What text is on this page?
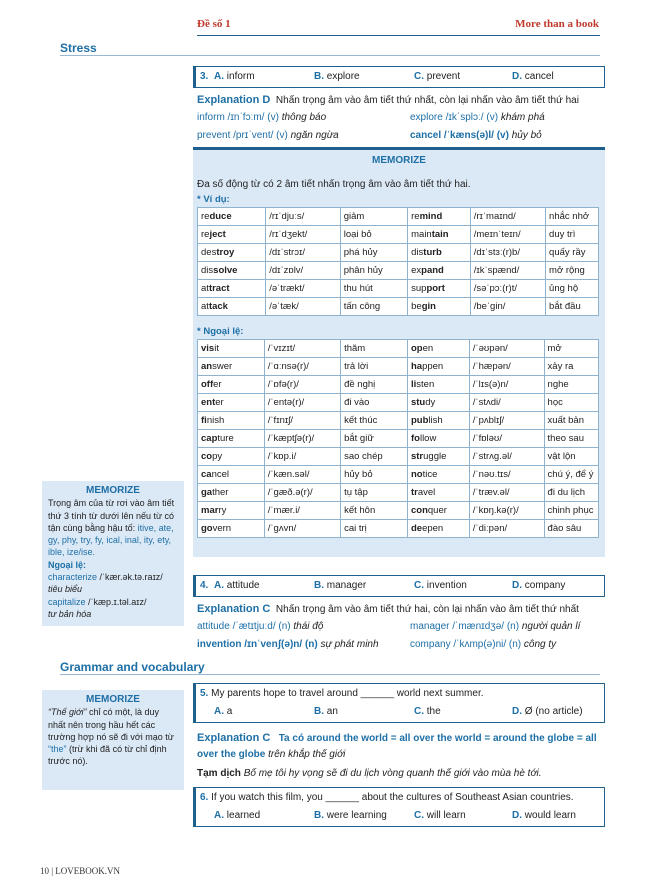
Đề số 1	More than a book
Stress
3. A. inform	B. explore	C. prevent	D. cancel
Explanation D Nhấn trọng âm vào âm tiết thứ nhất, còn lại nhấn vào âm tiết thứ hai
inform /ɪnˈfɔːm/ (v) thông báo	explore /ɪkˈsplɔː/ (v) khám phá
prevent /prɪˈvent/ (v) ngăn ngừa	cancel /ˈkæns(ə)l/ (v) hủy bỏ
MEMORIZE
Đa số động từ có 2 âm tiết nhấn trọng âm vào âm tiết thứ hai.
* Ví dụ:
reduce	/rɪˈdjuːs/	giảm	remind	/rɪˈmaɪnd/	nhắc nhở
reject	/rɪˈdʒekt/	loại bỏ	maintain	/meɪnˈteɪn/	duy trì
destroy	/dɪˈstrɔɪ/	phá hủy	disturb	/dɪˈstɜː(r)b/	quấy rầy
dissolve	/dɪˈzɒlv/	phân hủy	expand	/ɪkˈspænd/	mở rộng
attract	/əˈtrækt/	thu hút	support	/səˈpɔː(r)t/	ủng hộ
attack	/əˈtæk/	tấn công	begin	/beˈgin/	bắt đầu
* Ngoại lệ:
visit	/ˈvɪzɪt/	thăm	open	/ˈəʊpən/	mở
answer	/ˈɑːnsə(r)/	trả lời	happen	/ˈhæpən/	xảy ra
offer	/ˈɒfə(r)/	đề nghị	listen	/ˈlɪs(ə)n/	nghe
enter	/ˈentə(r)/	đi vào	study	/ˈstʌdi/	học
finish	/ˈfɪnɪʃ/	kết thúc	publish	/ˈpʌblɪʃ/	xuất bản
capture	/ˈkæptʃə(r)/	bắt giữ	follow	/ˈfɒləʊ/	theo sau
copy	/ˈkɒp.i/	sao chép	struggle	/ˈstrʌg.əl/	vật lộn
cancel	/ˈkæn.səl/	hủy bỏ	notice	/ˈnəʊ.tɪs/	chú ý, để ý
gather	/ˈgæð.ə(r)/	tụ tập	travel	/ˈtræv.əl/	đi du lịch
marry	/ˈmær.i/	kết hôn	conquer	/ˈkɒŋ.kə(r)/	chinh phục
govern	/ˈgʌvn/	cai trị	deepen	/ˈdiːpən/	đào sâu
MEMORIZE
Trọng âm của từ rơi vào âm tiết thứ 3 tính từ dưới lên nếu từ có tận cùng bằng hậu tố: itive, ate, gy, phy, try, fy, ical, inal, ity, ety, ible, ize/ise.
Ngoại lệ:
characterize /ˈkær.ək.tə.raɪz/
tiêu biểu
capitalize /ˈkæp.ɪ.təl.aɪz/
tư bản hóa
4. A. attitude	B. manager	C. invention	D. company
Explanation C Nhấn trọng âm vào âm tiết thứ hai, còn lại nhấn vào âm tiết thứ nhất
attitude /ˈætɪtjuːd/ (n) thái độ	manager /ˈmænɪdʒə/ (n) người quản lí
invention /ɪnˈvenʃ(ə)n/ (n) sự phát minh	company /ˈkʌmp(ə)ni/ (n) công ty
Grammar and vocabulary
MEMORIZE
“Thế giới” chỉ có một, là duy nhất nên trong hầu hết các trường hợp nó sẽ đi với mạo từ “the” (trừ khi đã có từ chỉ định trước nó).
5. My parents hope to travel around ______ world next summer.
A. a	B. an	C. the	D. Ø (no article)
Explanation C Ta có around the world = all over the world = around the globe = all over the globe trên khắp thế giới
Tạm dịch Bố mẹ tôi hy vọng sẽ đi du lịch vòng quanh thế giới vào mùa hè tới.
6. If you watch this film, you ______ about the cultures of Southeast Asian countries.
A. learned	B. were learning	C. will learn	D. would learn
10 | LOVEBOOK.VN
